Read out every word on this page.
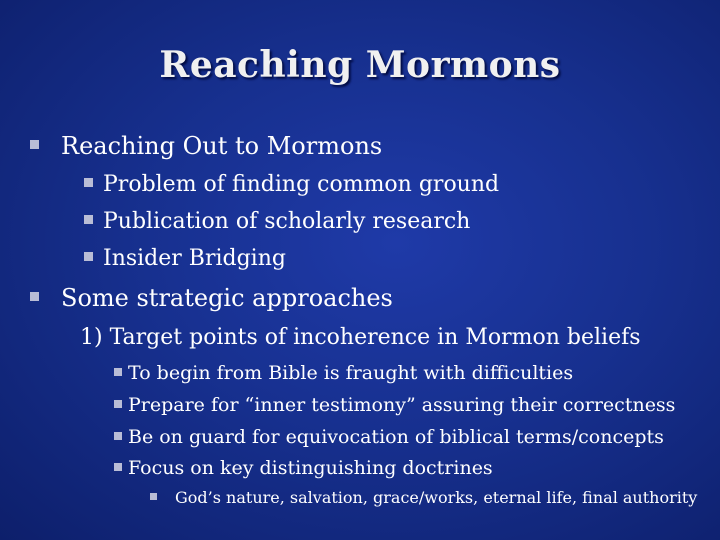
Reaching Mormons
Reaching Out to Mormons
Problem of finding common ground
Publication of scholarly research
Insider Bridging
Some strategic approaches
1) Target points of incoherence in Mormon beliefs
To begin from Bible is fraught with difficulties
Prepare for “inner testimony” assuring their correctness
Be on guard for equivocation of biblical terms/concepts
Focus on key distinguishing doctrines
God’s nature, salvation, grace/works, eternal life, final authority
